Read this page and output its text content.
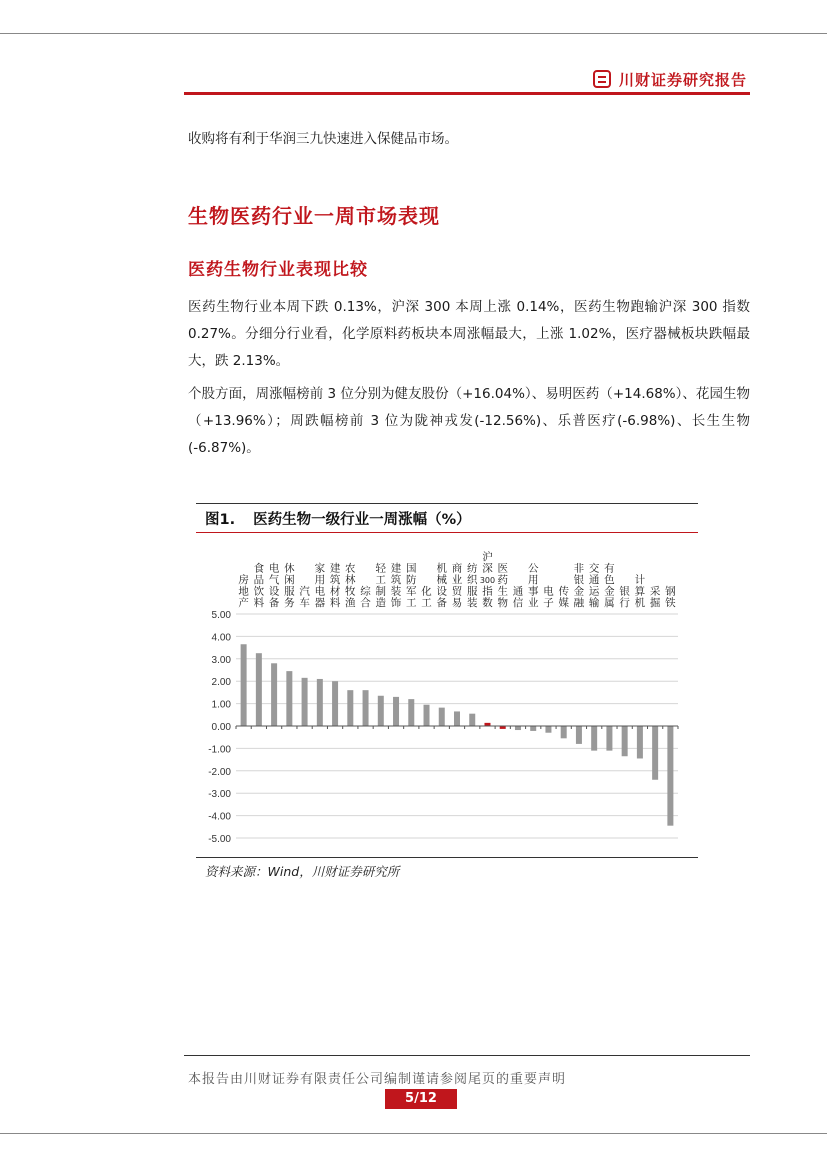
川财证券研究报告

收购将有利于华润三九快速进入保健品市场。

生物医药行业一周市场表现
医药生物行业表现比较

医药生物行业本周下跌 0.13%，沪深 300 本周上涨 0.14%，医药生物跑输沪深 300 指数 0.27%。分细分行业看，化学原料药板块本周涨幅最大，上涨 1.02%，医疗器械板块跌幅最大，跌 2.13%。

个股方面，周涨幅榜前 3 位分别为健友股份（+16.04%）、易明医药（+14.68%）、花园生物（+13.96%）；周跌幅榜前 3 位为陇神戎发(-12.56%)、乐普医疗(-6.98%)、长生生物(-6.87%)。

图1. 医药生物一级行业一周涨幅（%）
5.00
4.00
3.00
2.00
1.00
0.00
-1.00
-2.00
-3.00
-4.00
-5.00
房地产
食品饮料
电气设备
休闲服务
汽车
家用电器
建筑材料
农林牧渔
综合
轻工制造
建筑装饰
国防军工
化工
机械设备
商业贸易
纺织服装
沪深 300 指数
医药生物
通信
公用事业
电子
传媒
非银金融
交通运输
有色金属
银行
计算机
采掘
钢铁
资料来源：Wind，川财证券研究所
本报告由川财证券有限责任公司编制谨请参阅尾页的重要声明
5/12
